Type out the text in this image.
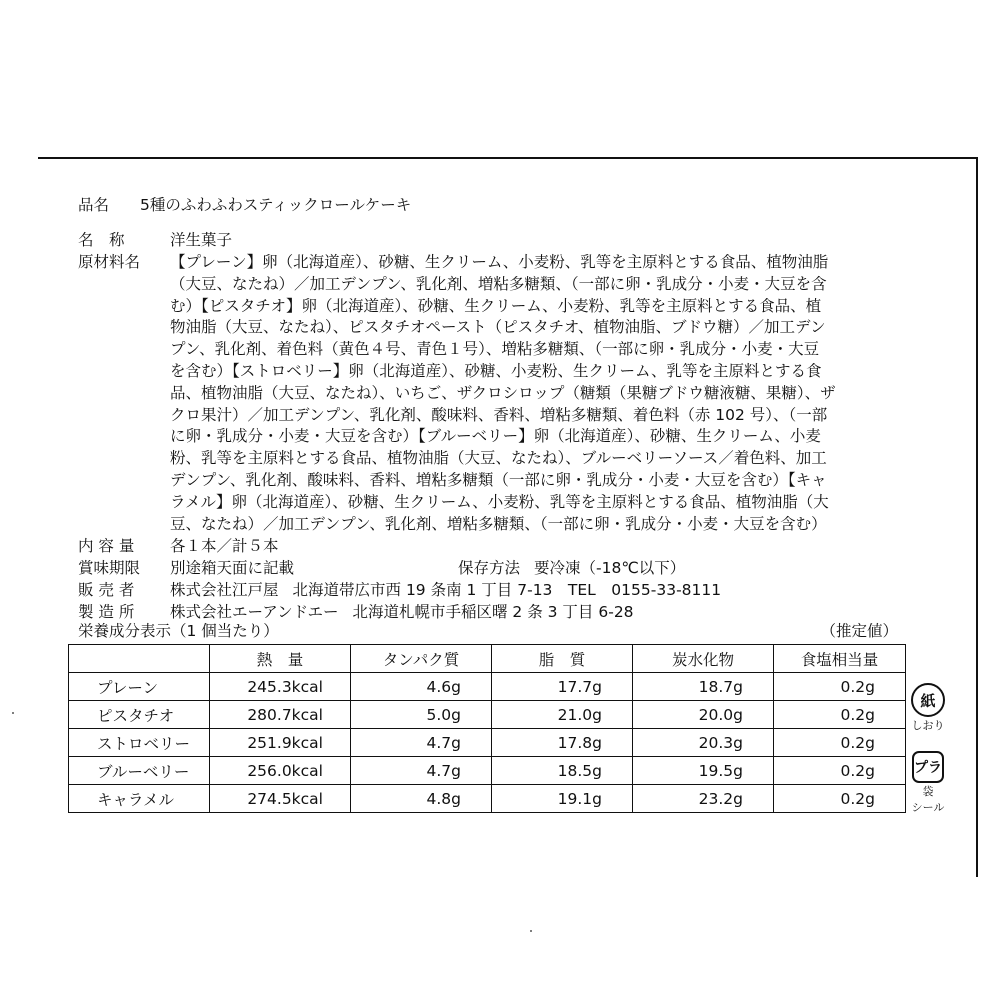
品名	5種のふわふわスティックロールケーキ
名　称	洋生菓子
原材料名	【プレーン】卵（北海道産）、砂糖、生クリーム、小麦粉、乳等を主原料とする食品、植物油脂
（大豆、なたね）／加工デンプン、乳化剤、増粘多糖類、（一部に卵・乳成分・小麦・大豆を含
む）【ピスタチオ】卵（北海道産）、砂糖、生クリーム、小麦粉、乳等を主原料とする食品、植
物油脂（大豆、なたね）、ピスタチオペースト（ピスタチオ、植物油脂、ブドウ糖）／加工デン
プン、乳化剤、着色料（黄色４号、青色１号）、増粘多糖類、（一部に卵・乳成分・小麦・大豆
を含む）【ストロベリー】卵（北海道産）、砂糖、小麦粉、生クリーム、乳等を主原料とする食
品、植物油脂（大豆、なたね）、いちご、ザクロシロップ（糖類（果糖ブドウ糖液糖、果糖）、ザ
クロ果汁）／加工デンプン、乳化剤、酸味料、香料、増粘多糖類、着色料（赤 102 号）、（一部
に卵・乳成分・小麦・大豆を含む）【ブルーベリー】卵（北海道産）、砂糖、生クリーム、小麦
粉、乳等を主原料とする食品、植物油脂（大豆、なたね）、ブルーベリーソース／着色料、加工
デンプン、乳化剤、酸味料、香料、増粘多糖類（一部に卵・乳成分・小麦・大豆を含む）【キャ
ラメル】卵（北海道産）、砂糖、生クリーム、小麦粉、乳等を主原料とする食品、植物油脂（大
豆、なたね）／加工デンプン、乳化剤、増粘多糖類、（一部に卵・乳成分・小麦・大豆を含む）
内 容 量	各１本／計５本
賞味期限	別途箱天面に記載	保存方法 要冷凍（-18℃以下）
販 売 者	株式会社江戸屋 北海道帯広市西 19 条南 1 丁目 7-13　TEL　0155-33-8111
製 造 所	株式会社エーアンドエー 北海道札幌市手稲区曙 2 条 3 丁目 6-28
栄養成分表示（1 個当たり）	（推定値）
	熱　量	タンパク質	脂　質	炭水化物	食塩相当量
プレーン	245.3kcal	4.6g	17.7g	18.7g	0.2g
ピスタチオ	280.7kcal	5.0g	21.0g	20.0g	0.2g
ストロベリー	251.9kcal	4.7g	17.8g	20.3g	0.2g
ブルーベリー	256.0kcal	4.7g	18.5g	19.5g	0.2g
キャラメル	274.5kcal	4.8g	19.1g	23.2g	0.2g
紙
しおり
プラ
袋
シール
